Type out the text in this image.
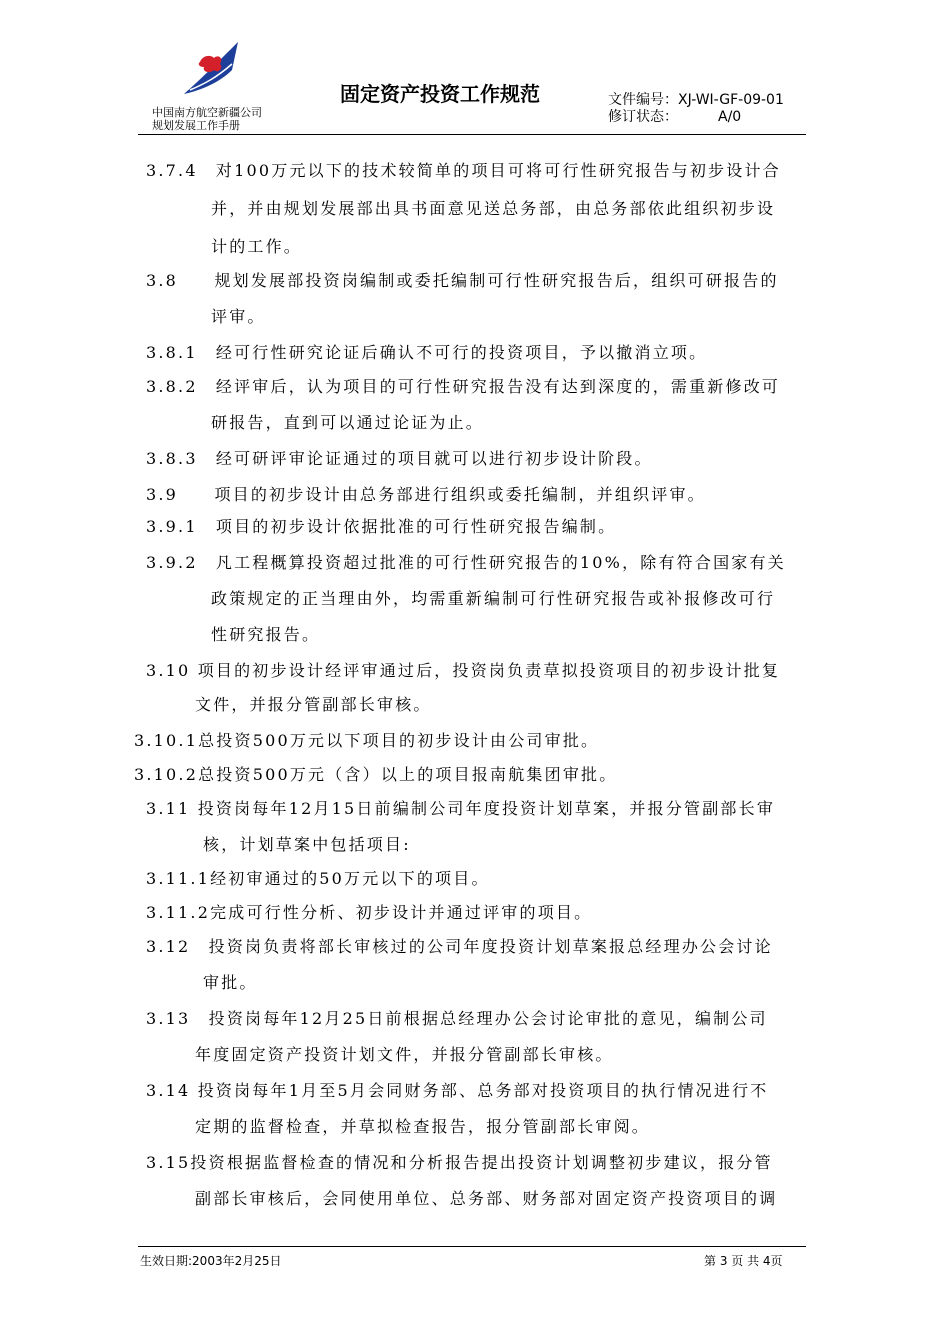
中国南方航空新疆公司
规划发展工作手册
固定资产投资工作规范	文件编号：XJ-WI-GF-09-01
修订状态：	A/0
3.7.4　对100万元以下的技术较简单的项目可将可行性研究报告与初步设计合
并，并由规划发展部出具书面意见送总务部，由总务部依此组织初步设
计的工作。
3.8　　规划发展部投资岗编制或委托编制可行性研究报告后，组织可研报告的
评审。
3.8.1　经可行性研究论证后确认不可行的投资项目，予以撤消立项。
3.8.2　经评审后，认为项目的可行性研究报告没有达到深度的，需重新修改可
研报告，直到可以通过论证为止。
3.8.3　经可研评审论证通过的项目就可以进行初步设计阶段。
3.9　　项目的初步设计由总务部进行组织或委托编制，并组织评审。
3.9.1　项目的初步设计依据批准的可行性研究报告编制。
3.9.2　凡工程概算投资超过批准的可行性研究报告的10%，除有符合国家有关
政策规定的正当理由外，均需重新编制可行性研究报告或补报修改可行
性研究报告。
3.10 项目的初步设计经评审通过后，投资岗负责草拟投资项目的初步设计批复
文件，并报分管副部长审核。
3.10.1总投资500万元以下项目的初步设计由公司审批。
3.10.2总投资500万元（含）以上的项目报南航集团审批。
3.11 投资岗每年12月15日前编制公司年度投资计划草案，并报分管副部长审
核，计划草案中包括项目:
3.11.1经初审通过的50万元以下的项目。
3.11.2完成可行性分析、初步设计并通过评审的项目。
3.12　投资岗负责将部长审核过的公司年度投资计划草案报总经理办公会讨论
审批。
3.13　投资岗每年12月25日前根据总经理办公会讨论审批的意见，编制公司
年度固定资产投资计划文件，并报分管副部长审核。
3.14 投资岗每年1月至5月会同财务部、总务部对投资项目的执行情况进行不
定期的监督检查，并草拟检查报告，报分管副部长审阅。
3.15投资根据监督检查的情况和分析报告提出投资计划调整初步建议，报分管
副部长审核后，会同使用单位、总务部、财务部对固定资产投资项目的调
生效日期:2003年2月25日	第 3 页 共 4页
